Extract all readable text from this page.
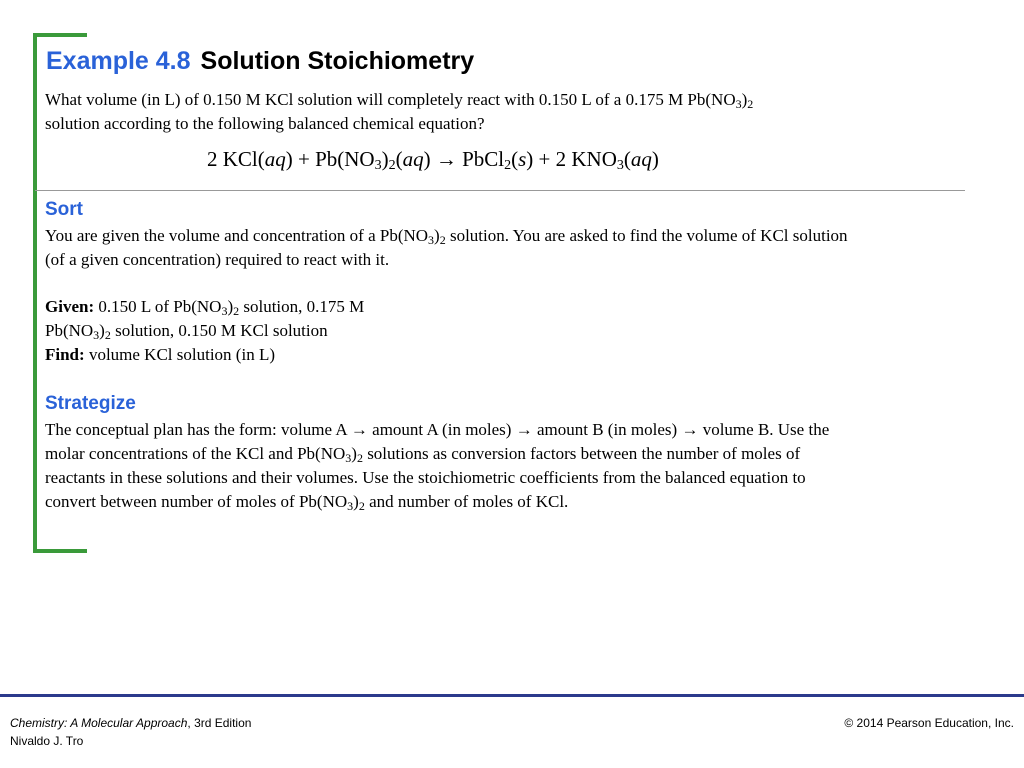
Example 4.8 Solution Stoichiometry
What volume (in L) of 0.150 M KCl solution will completely react with 0.150 L of a 0.175 M $Pb(NO_3)_2$
solution according to the following balanced chemical equation?
2 $KCl(aq) + Pb(NO_3)_2(aq)$ → PbCl$_2$(s) + 2 $KNO_3(aq)$
Sort
You are given the volume and concentration of a $Pb(NO_3)_2$ solution. You are asked to find the volume of KCl solution
(of a given concentration) required to react with it.
Given: 0.150 L of $Pb(NO_3)_2$ solution, 0.175 M
$Pb(NO_3)_2$ solution, 0.150 M KCl solution
Find: volume KCl solution (in L)
Strategize
The conceptual plan has the form: volume A → amount A (in moles) → amount B (in moles) → volume B. Use the
molar concentrations of the KCl and $Pb(NO_3)_2$ solutions as conversion factors between the number of moles of
reactants in these solutions and their volumes. Use the stoichiometric coefficients from the balanced equation to
convert between number of moles of $Pb(NO_3)_2$ and number of moles of KCl.
Chemistry: A Molecular Approach, 3rd Edition
Nivaldo J. Tro
© 2014 Pearson Education, Inc.
